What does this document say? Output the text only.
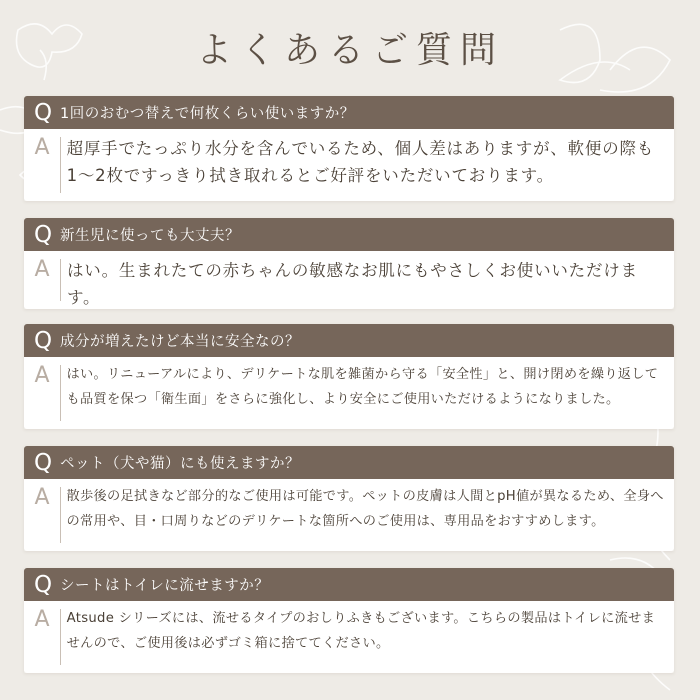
よくあるご質問
Q 1回のおむつ替えで何枚くらい使いますか？
A	超厚手でたっぷり水分を含んでいるため、個人差はありますが、軟便の際も1～2枚ですっきり拭き取れるとご好評をいただいております。
Q 新生児に使っても大丈夫？
A	はい。生まれたての赤ちゃんの敏感なお肌にもやさしくお使いいただけます。
Q 成分が増えたけど本当に安全なの？
A	はい。リニューアルにより、デリケートな肌を雑菌から守る「安全性」と、開け閉めを繰り返しても品質を保つ「衛生面」をさらに強化し、より安全にご使用いただけるようになりました。
Q ペット（犬や猫）にも使えますか？
A	散歩後の足拭きなど部分的なご使用は可能です。ペットの皮膚は人間とpH値が異なるため、全身への常用や、目・口周りなどのデリケートな箇所へのご使用は、専用品をおすすめします。
Q シートはトイレに流せますか？
A	Atsude シリーズには、流せるタイプのおしりふきもございます。こちらの製品はトイレに流せませんので、ご使用後は必ずゴミ箱に捨ててください。
